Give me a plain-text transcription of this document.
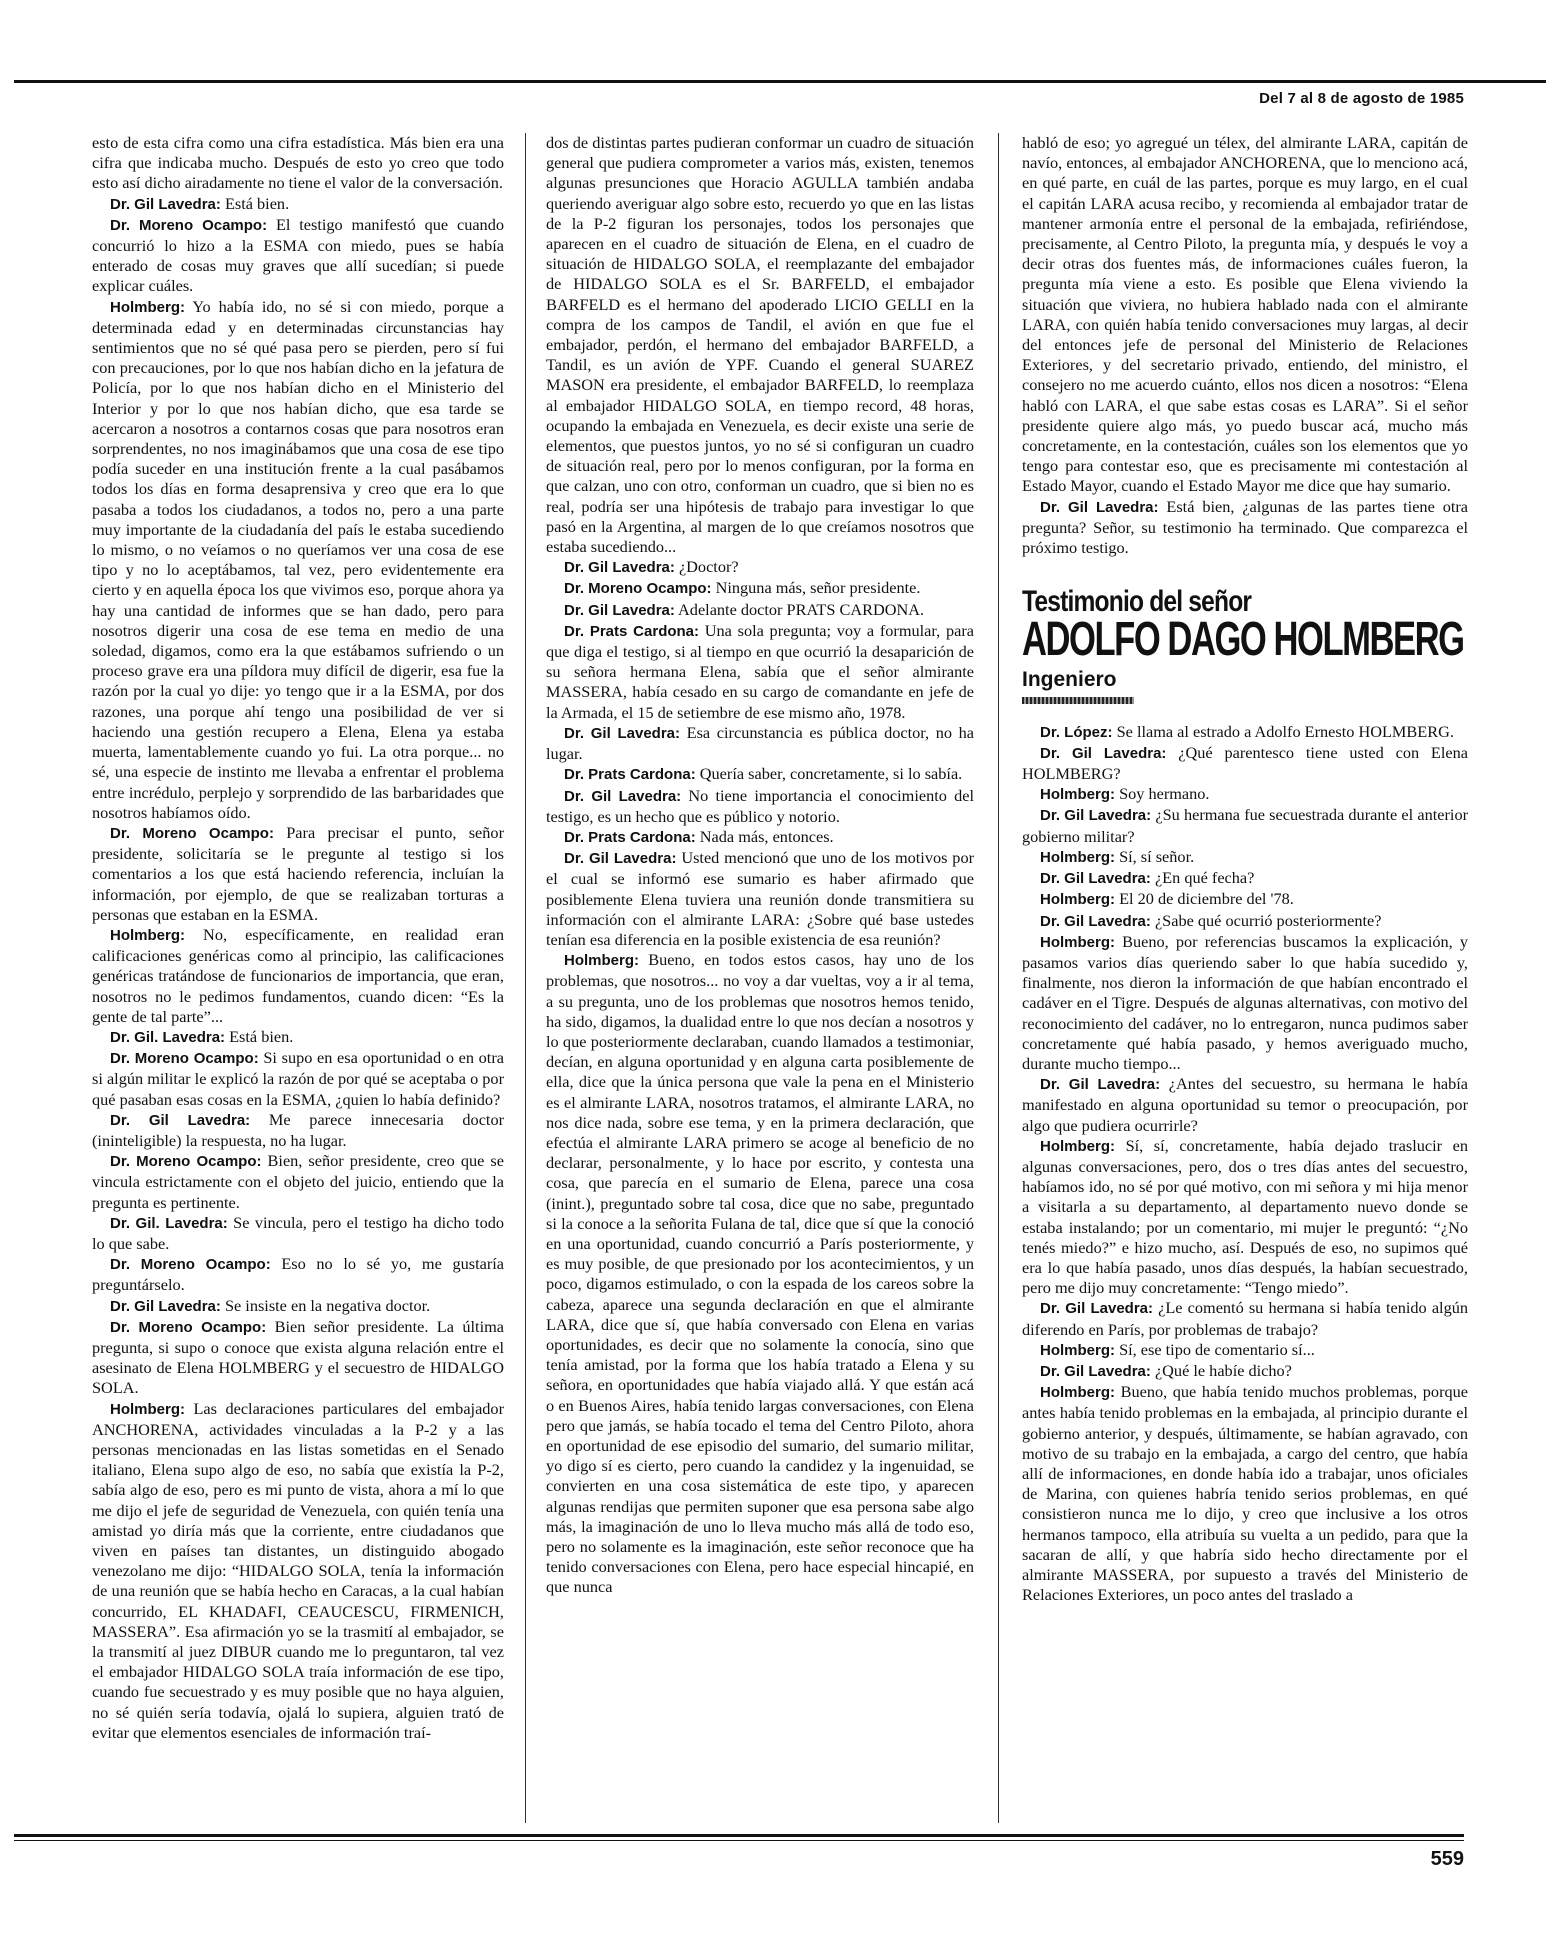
Del 7 al 8 de agosto de 1985

esto de esta cifra como una cifra estadística. Más bien era una cifra que indicaba mucho. Después de esto yo creo que todo esto así dicho airadamente no tiene el valor de la conversación.

Dr. Gil Lavedra: Está bien.

Dr. Moreno Ocampo: El testigo manifestó que cuando concurrió lo hizo a la ESMA con miedo, pues se había enterado de cosas muy graves que allí sucedían; si puede explicar cuáles.

Holmberg: Yo había ido, no sé si con miedo, porque a determinada edad y en determinadas circunstancias hay sentimientos que no sé qué pasa pero se pierden, pero sí fui con precauciones, por lo que nos habían dicho en la jefatura de Policía, por lo que nos habían dicho en el Ministerio del Interior y por lo que nos habían dicho, que esa tarde se acercaron a nosotros a contarnos cosas que para nosotros eran sorprendentes, no nos imaginábamos que una cosa de ese tipo podía suceder en una institución frente a la cual pasábamos todos los días en forma desaprensiva y creo que era lo que pasaba a todos los ciudadanos, a todos no, pero a una parte muy importante de la ciudadanía del país le estaba sucediendo lo mismo, o no veíamos o no queríamos ver una cosa de ese tipo y no lo aceptábamos, tal vez, pero evidentemente era cierto y en aquella época los que vivimos eso, porque ahora ya hay una cantidad de informes que se han dado, pero para nosotros digerir una cosa de ese tema en medio de una soledad, digamos, como era la que estábamos sufriendo o un proceso grave era una píldora muy difícil de digerir, esa fue la razón por la cual yo dije: yo tengo que ir a la ESMA, por dos razones, una porque ahí tengo una posibilidad de ver si haciendo una gestión recupero a Elena, Elena ya estaba muerta, lamentablemente cuando yo fui. La otra porque... no sé, una especie de instinto me llevaba a enfrentar el problema entre incrédulo, perplejo y sorprendido de las barbaridades que nosotros habíamos oído.

Dr. Moreno Ocampo: Para precisar el punto, señor presidente, solicitaría se le pregunte al testigo si los comentarios a los que está haciendo referencia, incluían la información, por ejemplo, de que se realizaban torturas a personas que estaban en la ESMA.

Holmberg: No, específicamente, en realidad eran calificaciones genéricas como al principio, las calificaciones genéricas tratándose de funcionarios de importancia, que eran, nosotros no le pedimos fundamentos, cuando dicen: “Es la gente de tal parte”...

Dr. Gil. Lavedra: Está bien.

Dr. Moreno Ocampo: Si supo en esa oportunidad o en otra si algún militar le explicó la razón de por qué se aceptaba o por qué pasaban esas cosas en la ESMA, ¿quien lo había definido?

Dr. Gil Lavedra: Me parece innecesaria doctor (ininteligible) la respuesta, no ha lugar.

Dr. Moreno Ocampo: Bien, señor presidente, creo que se vincula estrictamente con el objeto del juicio, entiendo que la pregunta es pertinente.

Dr. Gil. Lavedra: Se vincula, pero el testigo ha dicho todo lo que sabe.

Dr. Moreno Ocampo: Eso no lo sé yo, me gustaría preguntárselo.

Dr. Gil Lavedra: Se insiste en la negativa doctor.

Dr. Moreno Ocampo: Bien señor presidente. La última pregunta, si supo o conoce que exista alguna relación entre el asesinato de Elena HOLMBERG y el secuestro de HIDALGO SOLA.

Holmberg: Las declaraciones particulares del embajador ANCHORENA, actividades vinculadas a la P-2 y a las personas mencionadas en las listas sometidas en el Senado italiano, Elena supo algo de eso, no sabía que existía la P-2, sabía algo de eso, pero es mi punto de vista, ahora a mí lo que me dijo el jefe de seguridad de Venezuela, con quién tenía una amistad yo diría más que la corriente, entre ciudadanos que viven en países tan distantes, un distinguido abogado venezolano me dijo: “HIDALGO SOLA, tenía la información de una reunión que se había hecho en Caracas, a la cual habían concurrido, EL KHADAFI, CEAUCESCU, FIRMENICH, MASSERA”. Esa afirmación yo se la trasmití al embajador, se la transmití al juez DIBUR cuando me lo preguntaron, tal vez el embajador HIDALGO SOLA traía información de ese tipo, cuando fue secuestrado y es muy posible que no haya alguien, no sé quién sería todavía, ojalá lo supiera, alguien trató de evitar que elementos esenciales de información traí-

dos de distintas partes pudieran conformar un cuadro de situación general que pudiera comprometer a varios más, existen, tenemos algunas presunciones que Horacio AGULLA también andaba queriendo averiguar algo sobre esto, recuerdo yo que en las listas de la P-2 figuran los personajes, todos los personajes que aparecen en el cuadro de situación de Elena, en el cuadro de situación de HIDALGO SOLA, el reemplazante del embajador de HIDALGO SOLA es el Sr. BARFELD, el embajador BARFELD es el hermano del apoderado LICIO GELLI en la compra de los campos de Tandil, el avión en que fue el embajador, perdón, el hermano del embajador BARFELD, a Tandil, es un avión de YPF. Cuando el general SUAREZ MASON era presidente, el embajador BARFELD, lo reemplaza al embajador HIDALGO SOLA, en tiempo record, 48 horas, ocupando la embajada en Venezuela, es decir existe una serie de elementos, que puestos juntos, yo no sé si configuran un cuadro de situación real, pero por lo menos configuran, por la forma en que calzan, uno con otro, conforman un cuadro, que si bien no es real, podría ser una hipótesis de trabajo para investigar lo que pasó en la Argentina, al margen de lo que creíamos nosotros que estaba sucediendo...

Dr. Gil Lavedra: ¿Doctor?

Dr. Moreno Ocampo: Ninguna más, señor presidente.

Dr. Gil Lavedra: Adelante doctor PRATS CARDONA.

Dr. Prats Cardona: Una sola pregunta; voy a formular, para que diga el testigo, si al tiempo en que ocurrió la desaparición de su señora hermana Elena, sabía que el señor almirante MASSERA, había cesado en su cargo de comandante en jefe de la Armada, el 15 de setiembre de ese mismo año, 1978.

Dr. Gil Lavedra: Esa circunstancia es pública doctor, no ha lugar.

Dr. Prats Cardona: Quería saber, concretamente, si lo sabía.

Dr. Gil Lavedra: No tiene importancia el conocimiento del testigo, es un hecho que es público y notorio.

Dr. Prats Cardona: Nada más, entonces.

Dr. Gil Lavedra: Usted mencionó que uno de los motivos por el cual se informó ese sumario es haber afirmado que posiblemente Elena tuviera una reunión donde transmitiera su información con el almirante LARA: ¿Sobre qué base ustedes tenían esa diferencia en la posible existencia de esa reunión?

Holmberg: Bueno, en todos estos casos, hay uno de los problemas, que nosotros... no voy a dar vueltas, voy a ir al tema, a su pregunta, uno de los problemas que nosotros hemos tenido, ha sido, digamos, la dualidad entre lo que nos decían a nosotros y lo que posteriormente declaraban, cuando llamados a testimoniar, decían, en alguna oportunidad y en alguna carta posiblemente de ella, dice que la única persona que vale la pena en el Ministerio es el almirante LARA, nosotros tratamos, el almirante LARA, no nos dice nada, sobre ese tema, y en la primera declaración, que efectúa el almirante LARA primero se acoge al beneficio de no declarar, personalmente, y lo hace por escrito, y contesta una cosa, que parecía en el sumario de Elena, parece una cosa (inint.), preguntado sobre tal cosa, dice que no sabe, preguntado si la conoce a la señorita Fulana de tal, dice que sí que la conoció en una oportunidad, cuando concurrió a París posteriormente, y es muy posible, de que presionado por los acontecimientos, y un poco, digamos estimulado, o con la espada de los careos sobre la cabeza, aparece una segunda declaración en que el almirante LARA, dice que sí, que había conversado con Elena en varias oportunidades, es decir que no solamente la conocía, sino que tenía amistad, por la forma que los había tratado a Elena y su señora, en oportunidades que había viajado allá. Y que están acá o en Buenos Aires, había tenido largas conversaciones, con Elena pero que jamás, se había tocado el tema del Centro Piloto, ahora en oportunidad de ese episodio del sumario, del sumario militar, yo digo sí es cierto, pero cuando la candidez y la ingenuidad, se convierten en una cosa sistemática de este tipo, y aparecen algunas rendijas que permiten suponer que esa persona sabe algo más, la imaginación de uno lo lleva mucho más allá de todo eso, pero no solamente es la imaginación, este señor reconoce que ha tenido conversaciones con Elena, pero hace especial hincapié, en que nunca

habló de eso; yo agregué un télex, del almirante LARA, capitán de navío, entonces, al embajador ANCHORENA, que lo menciono acá, en qué parte, en cuál de las partes, porque es muy largo, en el cual el capitán LARA acusa recibo, y recomienda al embajador tratar de mantener armonía entre el personal de la embajada, refiriéndose, precisamente, al Centro Piloto, la pregunta mía, y después le voy a decir otras dos fuentes más, de informaciones cuáles fueron, la pregunta mía viene a esto. Es posible que Elena viviendo la situación que viviera, no hubiera hablado nada con el almirante LARA, con quién había tenido conversaciones muy largas, al decir del entonces jefe de personal del Ministerio de Relaciones Exteriores, y del secretario privado, entiendo, del ministro, el consejero no me acuerdo cuánto, ellos nos dicen a nosotros: “Elena habló con LARA, el que sabe estas cosas es LARA”. Si el señor presidente quiere algo más, yo puedo buscar acá, mucho más concretamente, en la contestación, cuáles son los elementos que yo tengo para contestar eso, que es precisamente mi contestación al Estado Mayor, cuando el Estado Mayor me dice que hay sumario.

Dr. Gil Lavedra: Está bien, ¿algunas de las partes tiene otra pregunta? Señor, su testimonio ha terminado. Que comparezca el próximo testigo.

Testimonio del señor
ADOLFO DAGO HOLMBERG
Ingeniero

Dr. López: Se llama al estrado a Adolfo Ernesto HOLMBERG.

Dr. Gil Lavedra: ¿Qué parentesco tiene usted con Elena HOLMBERG?

Holmberg: Soy hermano.

Dr. Gil Lavedra: ¿Su hermana fue secuestrada durante el anterior gobierno militar?

Holmberg: Sí, sí señor.

Dr. Gil Lavedra: ¿En qué fecha?

Holmberg: El 20 de diciembre del '78.

Dr. Gil Lavedra: ¿Sabe qué ocurrió posteriormente?

Holmberg: Bueno, por referencias buscamos la explicación, y pasamos varios días queriendo saber lo que había sucedido y, finalmente, nos dieron la información de que habían encontrado el cadáver en el Tigre. Después de algunas alternativas, con motivo del reconocimiento del cadáver, no lo entregaron, nunca pudimos saber concretamente qué había pasado, y hemos averiguado mucho, durante mucho tiempo...

Dr. Gil Lavedra: ¿Antes del secuestro, su hermana le había manifestado en alguna oportunidad su temor o preocupación, por algo que pudiera ocurrirle?

Holmberg: Sí, sí, concretamente, había dejado traslucir en algunas conversaciones, pero, dos o tres días antes del secuestro, habíamos ido, no sé por qué motivo, con mi señora y mi hija menor a visitarla a su departamento, al departamento nuevo donde se estaba instalando; por un comentario, mi mujer le preguntó: “¿No tenés miedo?” e hizo mucho, así. Después de eso, no supimos qué era lo que había pasado, unos días después, la habían secuestrado, pero me dijo muy concretamente: “Tengo miedo”.

Dr. Gil Lavedra: ¿Le comentó su hermana si había tenido algún diferendo en París, por problemas de trabajo?

Holmberg: Sí, ese tipo de comentario sí...

Dr. Gil Lavedra: ¿Qué le habíe dicho?

Holmberg: Bueno, que había tenido muchos problemas, porque antes había tenido problemas en la embajada, al principio durante el gobierno anterior, y después, últimamente, se habían agravado, con motivo de su trabajo en la embajada, a cargo del centro, que había allí de informaciones, en donde había ido a trabajar, unos oficiales de Marina, con quienes habría tenido serios problemas, en qué consistieron nunca me lo dijo, y creo que inclusive a los otros hermanos tampoco, ella atribuía su vuelta a un pedido, para que la sacaran de allí, y que habría sido hecho directamente por el almirante MASSERA, por supuesto a través del Ministerio de Relaciones Exteriores, un poco antes del traslado a

559
